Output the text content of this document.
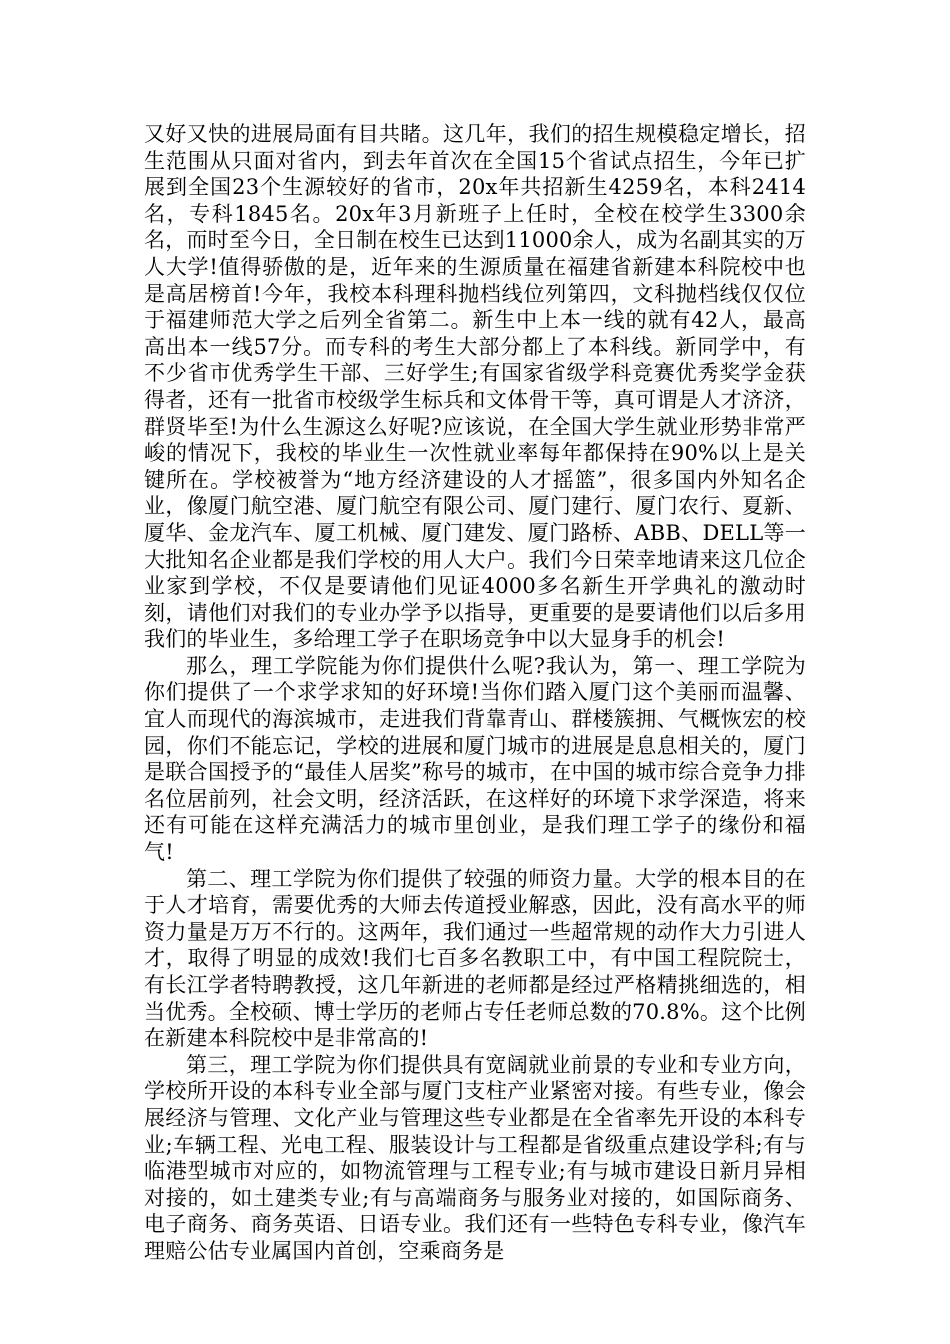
又好又快的进展局面有目共睹。这几年，我们的招生规模稳定增长，招生范围从只面对省内，到去年首次在全国15个省试点招生，今年已扩展到全国23个生源较好的省市，20x年共招新生4259名，本科2414名，专科1845名。20x年3月新班子上任时，全校在校学生3300余名，而时至今日，全日制在校生已达到11000余人，成为名副其实的万人大学!值得骄傲的是，近年来的生源质量在福建省新建本科院校中也是高居榜首!今年，我校本科理科抛档线位列第四，文科抛档线仅仅位于福建师范大学之后列全省第二。新生中上本一线的就有42人，最高高出本一线57分。而专科的考生大部分都上了本科线。新同学中，有不少省市优秀学生干部、三好学生;有国家省级学科竞赛优秀奖学金获得者，还有一批省市校级学生标兵和文体骨干等，真可谓是人才济济，群贤毕至!为什么生源这么好呢?应该说，在全国大学生就业形势非常严峻的情况下，我校的毕业生一次性就业率每年都保持在90%以上是关键所在。学校被誉为“地方经济建设的人才摇篮”，很多国内外知名企业，像厦门航空港、厦门航空有限公司、厦门建行、厦门农行、夏新、厦华、金龙汽车、厦工机械、厦门建发、厦门路桥、ABB、DELL等一大批知名企业都是我们学校的用人大户。我们今日荣幸地请来这几位企业家到学校，不仅是要请他们见证4000多名新生开学典礼的激动时刻，请他们对我们的专业办学予以指导，更重要的是要请他们以后多用我们的毕业生，多给理工学子在职场竞争中以大显身手的机会!

那么，理工学院能为你们提供什么呢?我认为，第一、理工学院为你们提供了一个求学求知的好环境!当你们踏入厦门这个美丽而温馨、宜人而现代的海滨城市，走进我们背靠青山、群楼簇拥、气概恢宏的校园，你们不能忘记，学校的进展和厦门城市的进展是息息相关的，厦门是联合国授予的“最佳人居奖”称号的城市，在中国的城市综合竞争力排名位居前列，社会文明，经济活跃，在这样好的环境下求学深造，将来还有可能在这样充满活力的城市里创业，是我们理工学子的缘份和福气!

第二、理工学院为你们提供了较强的师资力量。大学的根本目的在于人才培育，需要优秀的大师去传道授业解惑，因此，没有高水平的师资力量是万万不行的。这两年，我们通过一些超常规的动作大力引进人才，取得了明显的成效!我们七百多名教职工中，有中国工程院院士，有长江学者特聘教授，这几年新进的老师都是经过严格精挑细选的，相当优秀。全校硕、博士学历的老师占专任老师总数的70.8%。这个比例在新建本科院校中是非常高的!

第三，理工学院为你们提供具有宽阔就业前景的专业和专业方向，学校所开设的本科专业全部与厦门支柱产业紧密对接。有些专业，像会展经济与管理、文化产业与管理这些专业都是在全省率先开设的本科专业;车辆工程、光电工程、服装设计与工程都是省级重点建设学科;有与临港型城市对应的，如物流管理与工程专业;有与城市建设日新月异相对接的，如土建类专业;有与高端商务与服务业对接的，如国际商务、电子商务、商务英语、日语专业。我们还有一些特色专科专业，像汽车理赔公估专业属国内首创，空乘商务是
